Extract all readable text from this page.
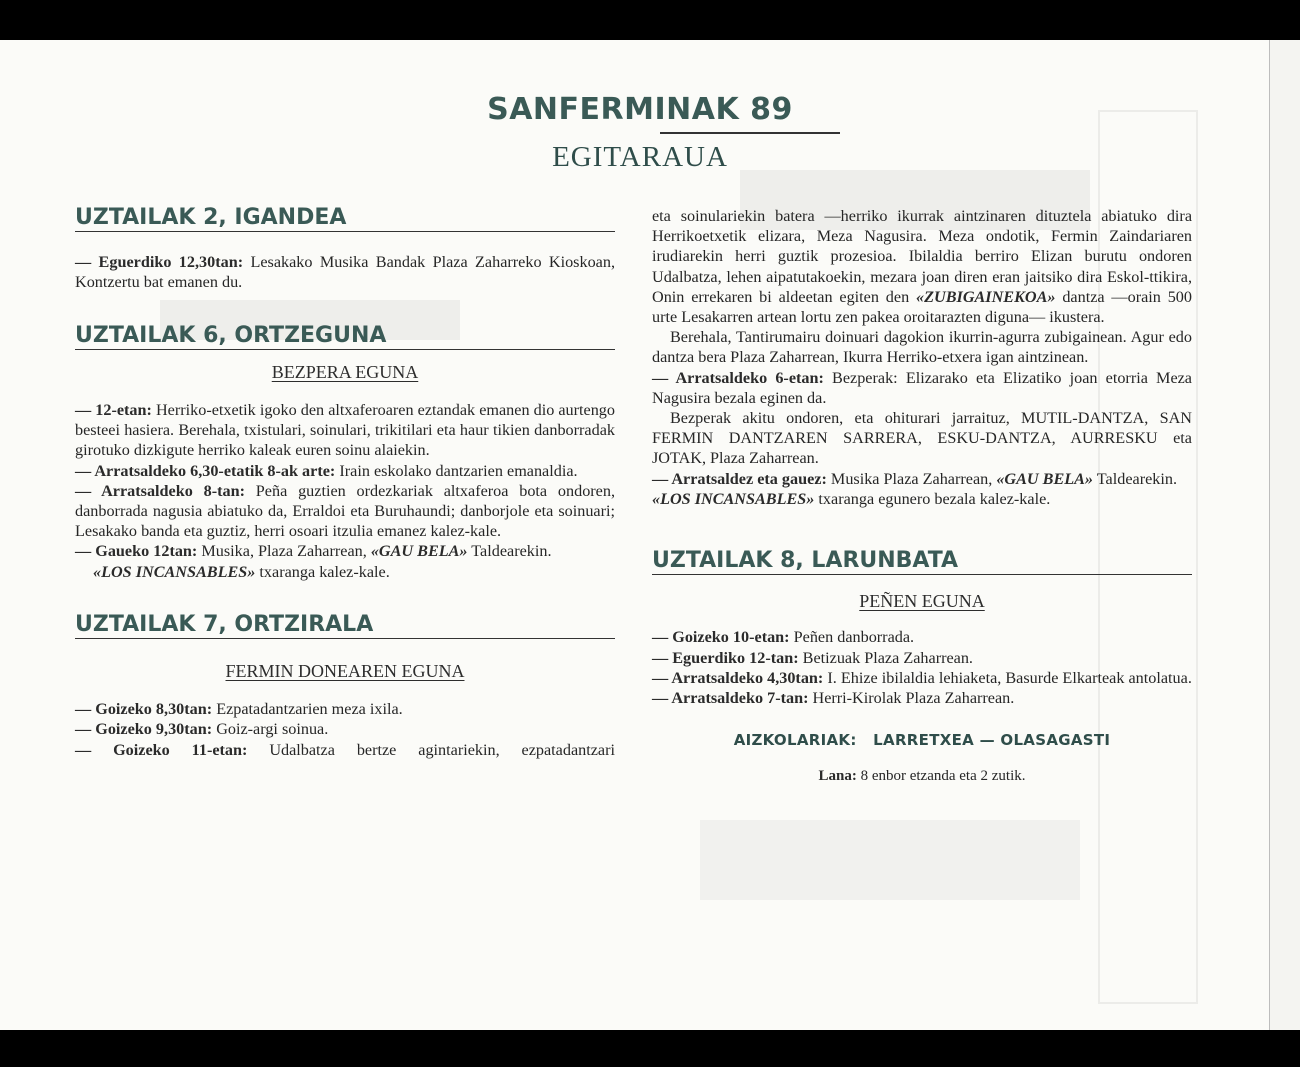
SANFERMINAK 89
EGITARAUA
UZTAILAK 2, IGANDEA

— Eguerdiko 12,30tan: Lesakako Musika Bandak Plaza Zaharreko Kioskoan, Kontzertu bat emanen du.

UZTAILAK 6, ORTZEGUNA
BEZPERA EGUNA

— 12-etan: Herriko-etxetik igoko den altxaferoaren eztandak emanen dio aurtengo besteei hasiera. Berehala, txistulari, soinulari, trikitilari eta haur tikien danborradak girotuko dizkigute herriko kaleak euren soinu alaiekin.

— Arratsaldeko 6,30-etatik 8-ak arte: Irain eskolako dantzarien emanaldia.

— Arratsaldeko 8-tan: Peña guztien ordezkariak altxaferoa bota ondoren, danborrada nagusia abiatuko da, Erraldoi eta Buruhaundi; danborjole eta soinuari; Lesakako banda eta guztiz, herri osoari itzulia emanez kalez-kale.

— Gaueko 12tan: Musika, Plaza Zaharrean, «GAU BELA» Taldearekin.

«LOS INCANSABLES» txaranga kalez-kale.

UZTAILAK 7, ORTZIRALA
FERMIN DONEAREN EGUNA

— Goizeko 8,30tan: Ezpatadantzarien meza ixila.

— Goizeko 9,30tan: Goiz-argi soinua.

— Goizeko 11-etan: Udalbatza bertze agintariekin, ezpatadantzari

eta soinulariekin batera —herriko ikurrak aintzinaren dituztela abiatuko dira Herrikoetxetik elizara, Meza Nagusira. Meza ondotik, Fermin Zaindariaren irudiarekin herri guztik prozesioa. Ibilaldia berriro Elizan burutu ondoren Udalbatza, lehen aipatutakoekin, mezara joan diren eran jaitsiko dira Eskol-ttikira, Onin errekaren bi aldeetan egiten den «ZUBIGAINEKOA» dantza —orain 500 urte Lesakarren artean lortu zen pakea oroitarazten diguna— ikustera.

Berehala, Tantirumairu doinuari dagokion ikurrin-agurra zubigainean. Agur edo dantza bera Plaza Zaharrean, Ikurra Herriko-etxera igan aintzinean.

— Arratsaldeko 6-etan: Bezperak: Elizarako eta Elizatiko joan etorria Meza Nagusira bezala eginen da.

Bezperak akitu ondoren, eta ohiturari jarraituz, MUTIL-DANTZA, SAN FERMIN DANTZAREN SARRERA, ESKU-DANTZA, AURRESKU eta JOTAK, Plaza Zaharrean.

— Arratsaldez eta gauez: Musika Plaza Zaharrean, «GAU BELA» Taldearekin.

«LOS INCANSABLES» txaranga egunero bezala kalez-kale.

UZTAILAK 8, LARUNBATA
PEÑEN EGUNA

— Goizeko 10-etan: Peñen danborrada.

— Eguerdiko 12-tan: Betizuak Plaza Zaharrean.

— Arratsaldeko 4,30tan: I. Ehize ibilaldia lehiaketa, Basurde Elkarteak antolatua.

— Arratsaldeko 7-tan: Herri-Kirolak Plaza Zaharrean.

AIZKOLARIAK:   LARRETXEA — OLASAGASTI

Lana: 8 enbor etzanda eta 2 zutik.
